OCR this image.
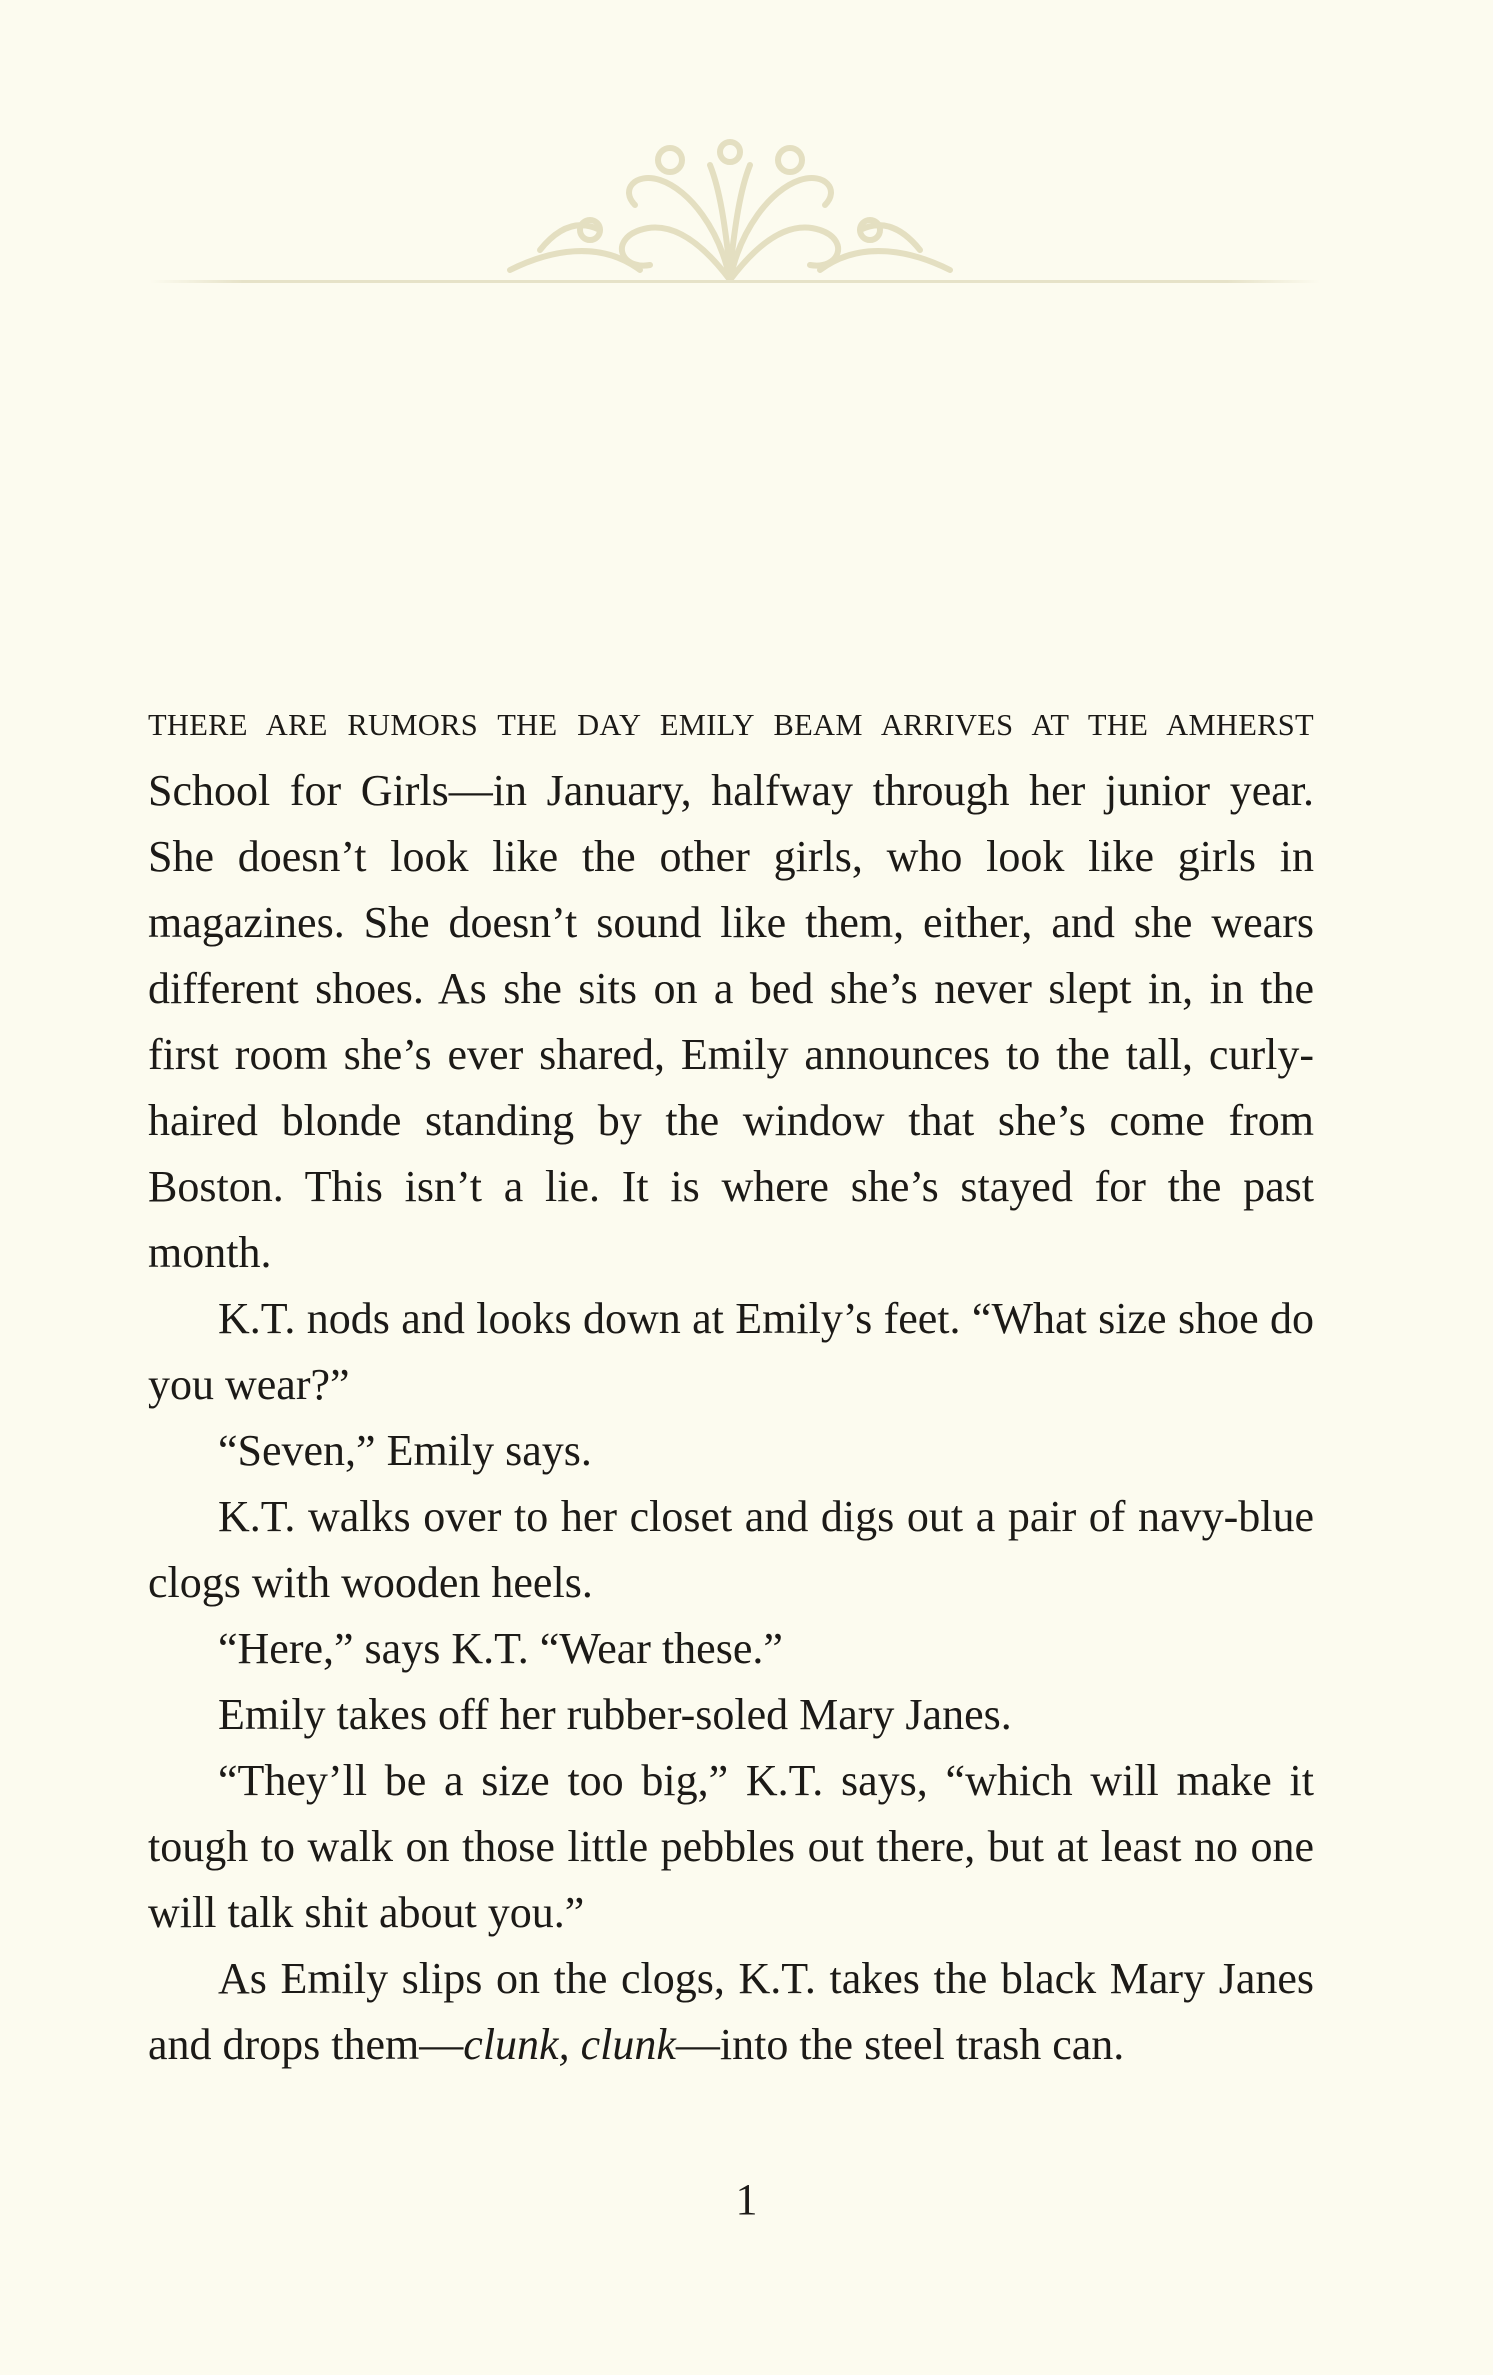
THERE ARE RUMORS THE DAY EMILY BEAM ARRIVES AT THE AMHERST School for Girls—in January, halfway through her junior year. She doesn’t look like the other girls, who look like girls in magazines. She doesn’t sound like them, either, and she wears different shoes. As she sits on a bed she’s never slept in, in the first room she’s ever shared, Emily announces to the tall, curly-haired blonde standing by the window that she’s come from Boston. This isn’t a lie. It is where she’s stayed for the past month.

K.T. nods and looks down at Emily’s feet. “What size shoe do you wear?”

“Seven,” Emily says.

K.T. walks over to her closet and digs out a pair of navy-blue clogs with wooden heels.

“Here,” says K.T. “Wear these.”

Emily takes off her rubber-soled Mary Janes.

“They’ll be a size too big,” K.T. says, “which will make it tough to walk on those little pebbles out there, but at least no one will talk shit about you.”

As Emily slips on the clogs, K.T. takes the black Mary Janes and drops them—clunk, clunk—into the steel trash can.

1
